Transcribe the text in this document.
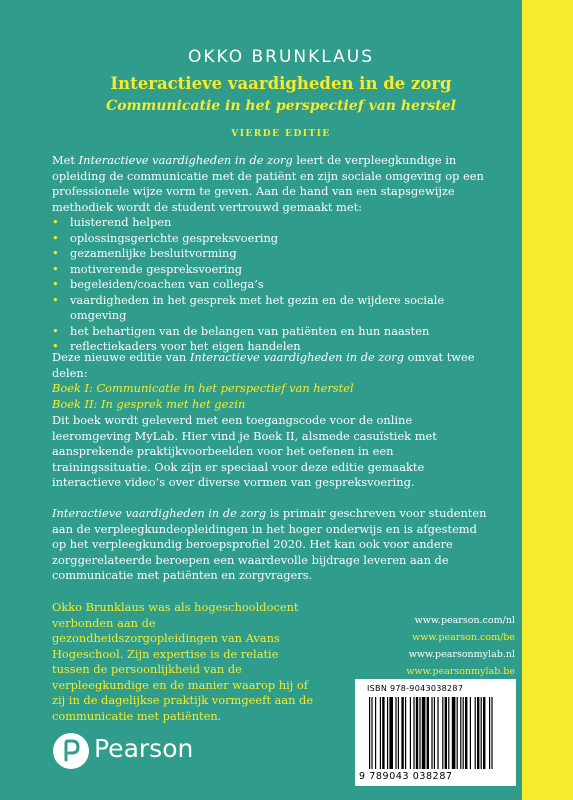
OKKO BRUNKLAUS
Interactieve vaardigheden in de zorg
Communicatie in het perspectief van herstel
VIERDE EDITIE

Met Interactieve vaardigheden in de zorg leert de verpleegkundige in opleiding de communicatie met de patiënt en zijn sociale omgeving op een professionele wijze vorm te geven. Aan de hand van een stapsgewijze methodiek wordt de student vertrouwd gemaakt met:

• luisterend helpen
• oplossingsgerichte gespreksvoering
• gezamenlijke besluitvorming
• motiverende gespreksvoering
• begeleiden/coachen van collega’s
• vaardigheden in het gesprek met het gezin en de wijdere sociale omgeving
• het behartigen van de belangen van patiënten en hun naasten
• reflectiekaders voor het eigen handelen

Deze nieuwe editie van Interactieve vaardigheden in de zorg omvat twee delen:

Boek I: Communicatie in het perspectief van herstel

Boek II: In gesprek met het gezin

Dit boek wordt geleverd met een toegangscode voor de online leeromgeving MyLab. Hier vind je Boek II, alsmede casuïstiek met aansprekende praktijkvoorbeelden voor het oefenen in een trainingssituatie. Ook zijn er speciaal voor deze editie gemaakte interactieve video’s over diverse vormen van gespreksvoering.

Interactieve vaardigheden in de zorg is primair geschreven voor studenten aan de verpleegkundeopleidingen in het hoger onderwijs en is afgestemd op het verpleegkundig beroepsprofiel 2020. Het kan ook voor andere zorggerelateerde beroepen een waardevolle bijdrage leveren aan de communicatie met patiënten en zorgvragers.

Okko Brunklaus was als hogeschooldocent verbonden aan de gezondheidszorgopleidingen van Avans Hogeschool. Zijn expertise is de relatie tussen de persoonlijkheid van de verpleegkundige en de manier waarop hij of zij in de dagelijkse praktijk vormgeeft aan de communicatie met patiënten.

www.pearson.com/nl
www.pearson.com/be
www.pearsonmylab.nl
www.pearsonmylab.be
ISBN 978-9043038287
9 789043 038287
Pearson
